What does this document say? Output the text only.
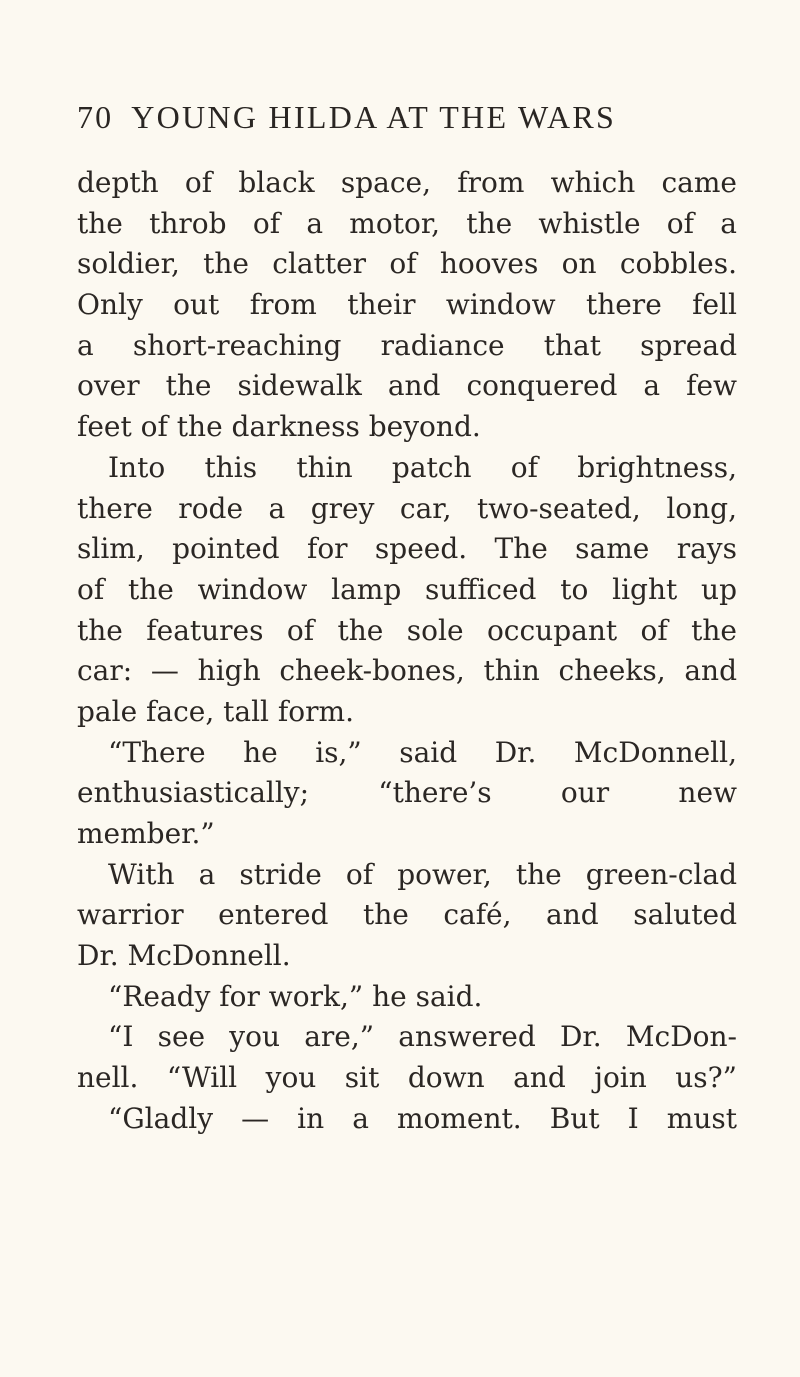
70 YOUNG HILDA AT THE WARS
depth of black space, from which came
the throb of a motor, the whistle of a
soldier, the clatter of hooves on cobbles.
Only out from their window there fell
a short-reaching radiance that spread
over the sidewalk and conquered a few
feet of the darkness beyond.
Into this thin patch of brightness,
there rode a grey car, two-seated, long,
slim, pointed for speed. The same rays
of the window lamp sufficed to light up
the features of the sole occupant of the
car: — high cheek-bones, thin cheeks, and
pale face, tall form.
“There he is,” said Dr. McDonnell,
enthusiastically; “there’s our new
member.”
With a stride of power, the green-clad
warrior entered the café, and saluted
Dr. McDonnell.
“Ready for work,” he said.
“I see you are,” answered Dr. McDon-
nell. “Will you sit down and join us?”
“Gladly — in a moment. But I must
